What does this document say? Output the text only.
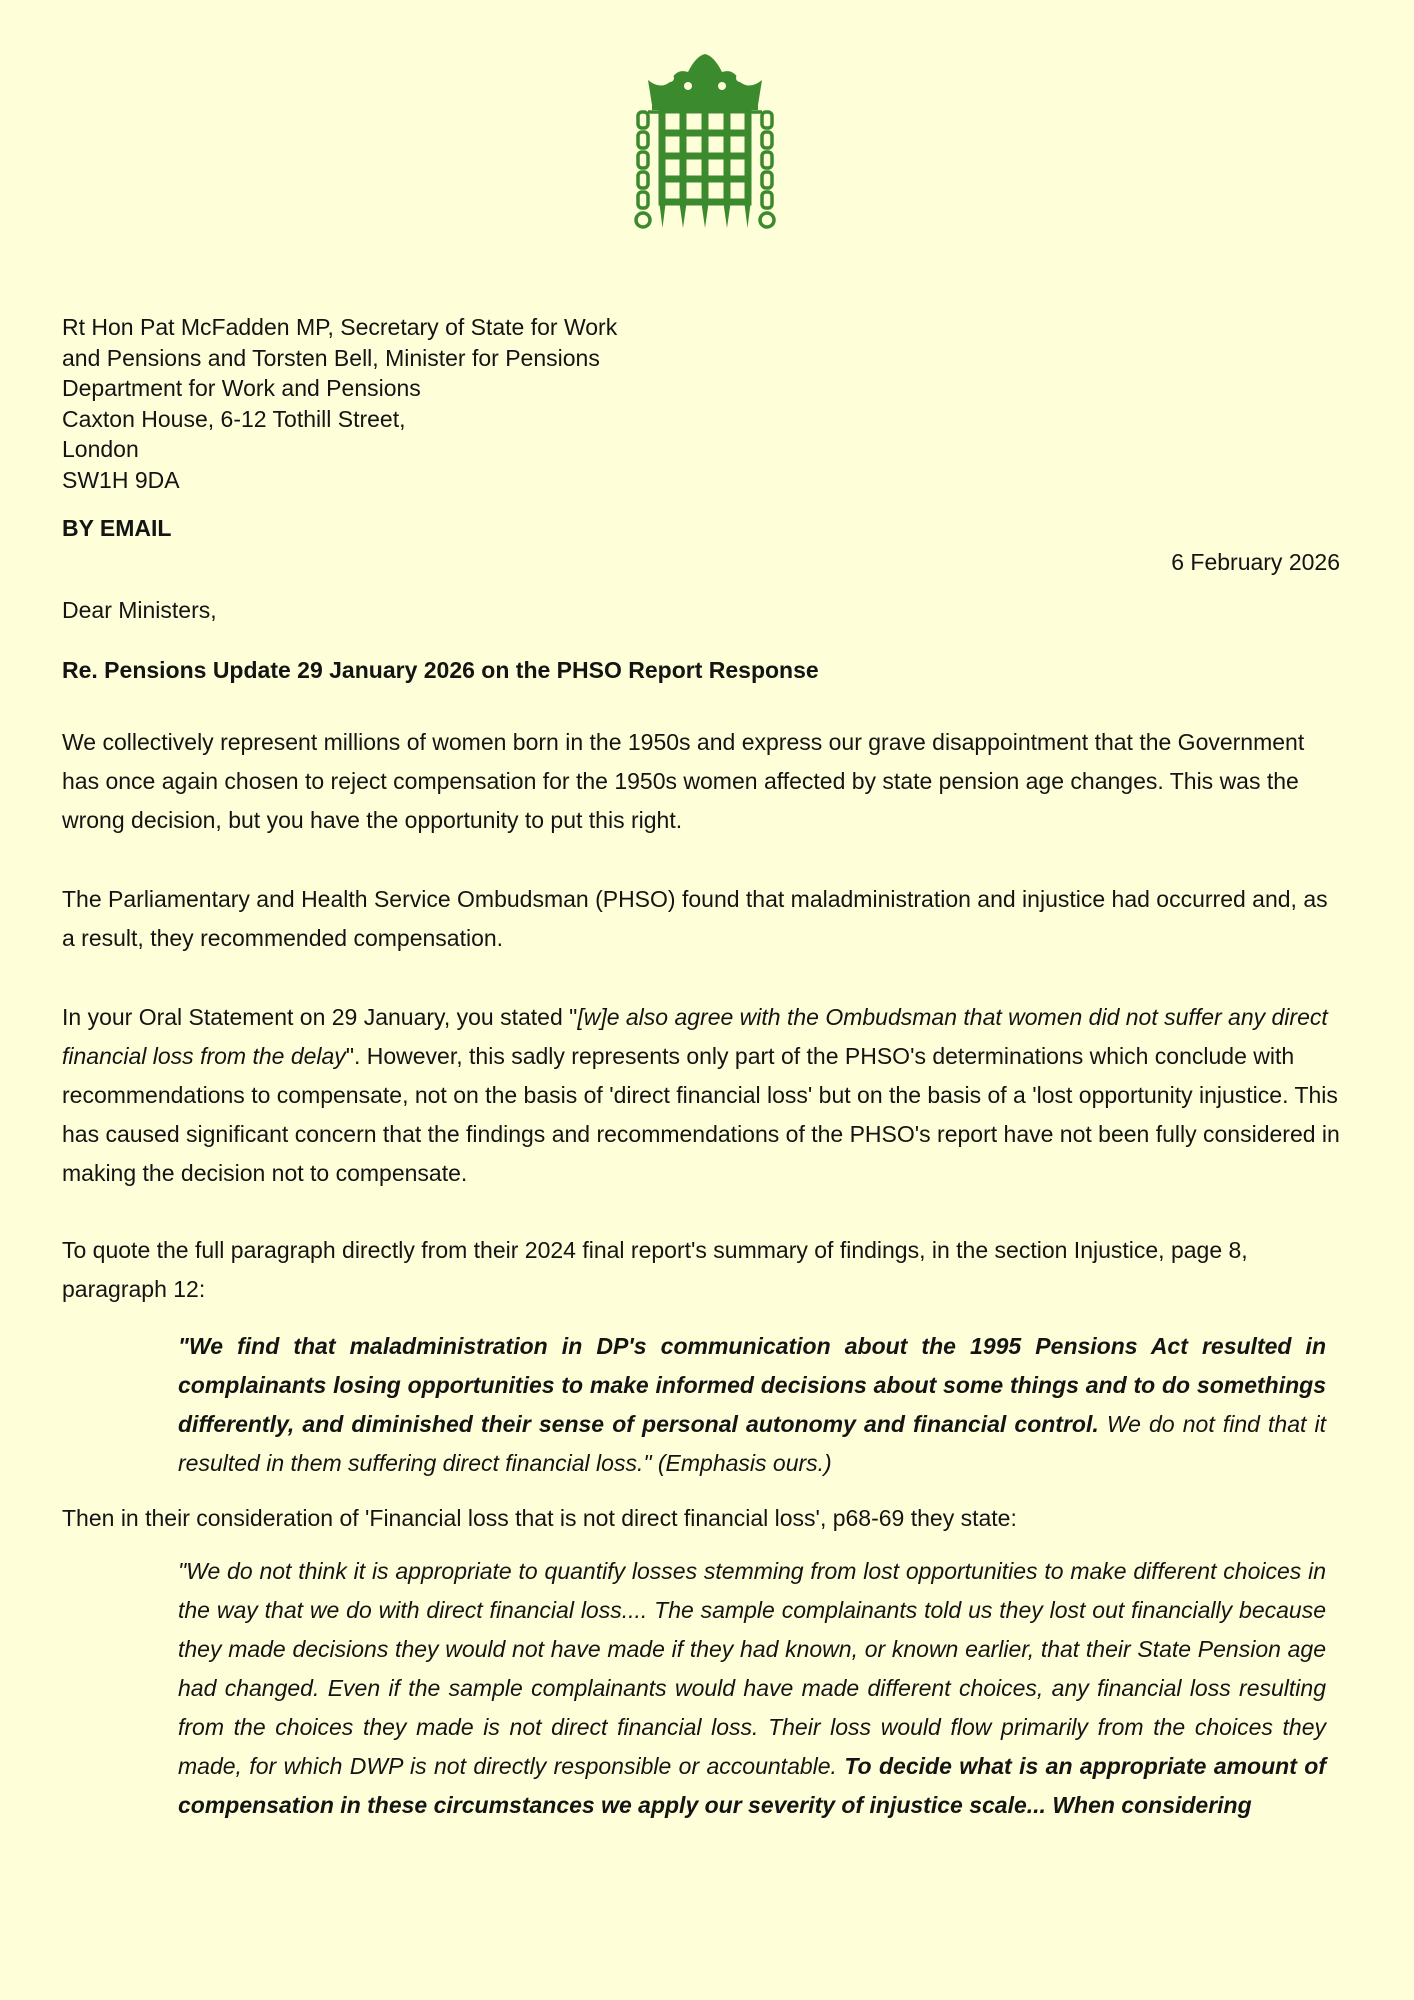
Rt Hon Pat McFadden MP, Secretary of State for Work
and Pensions and Torsten Bell, Minister for Pensions
Department for Work and Pensions
Caxton House, 6-12 Tothill Street,
London
SW1H 9DA
BY EMAIL
6 February 2026
Dear Ministers,
Re. Pensions Update 29 January 2026 on the PHSO Report Response

We collectively represent millions of women born in the 1950s and express our grave disappointment that the Government has once again chosen to reject compensation for the 1950s women affected by state pension age changes. This was the wrong decision, but you have the opportunity to put this right.

The Parliamentary and Health Service Ombudsman (PHSO) found that maladministration and injustice had occurred and, as a result, they recommended compensation.

In your Oral Statement on 29 January, you stated "[w]e also agree with the Ombudsman that women did not suffer any direct financial loss from the delay". However, this sadly represents only part of the PHSO's determinations which conclude with recommendations to compensate, not on the basis of 'direct financial loss' but on the basis of a 'lost opportunity injustice. This has caused significant concern that the findings and recommendations of the PHSO's report have not been fully considered in making the decision not to compensate.

To quote the full paragraph directly from their 2024 final report's summary of findings, in the section Injustice, page 8, paragraph 12:

"We find that maladministration in DP's communication about the 1995 Pensions Act resulted in complainants losing opportunities to make informed decisions about some things and to do somethings differently, and diminished their sense of personal autonomy and financial control. We do not find that it resulted in them suffering direct financial loss." (Emphasis ours.)

Then in their consideration of 'Financial loss that is not direct financial loss', p68-69 they state:

"We do not think it is appropriate to quantify losses stemming from lost opportunities to make different choices in the way that we do with direct financial loss.... The sample complainants told us they lost out financially because they made decisions they would not have made if they had known, or known earlier, that their State Pension age had changed. Even if the sample complainants would have made different choices, any financial loss resulting from the choices they made is not direct financial loss. Their loss would flow primarily from the choices they made, for which DWP is not directly responsible or accountable. To decide what is an appropriate amount of compensation in these circumstances we apply our severity of injustice scale... When considering
